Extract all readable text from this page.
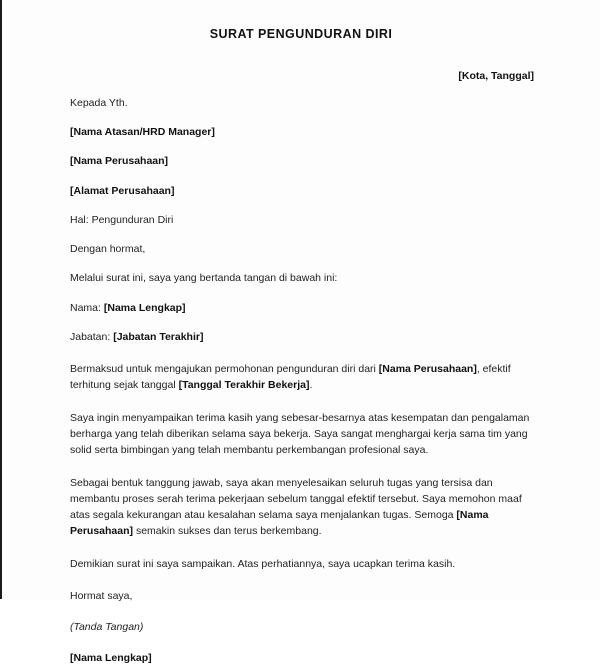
SURAT PENGUNDURAN DIRI
[Kota, Tanggal]
Kepada Yth.
[Nama Atasan/HRD Manager]
[Nama Perusahaan]
[Alamat Perusahaan]
Hal: Pengunduran Diri
Dengan hormat,
Melalui surat ini, saya yang bertanda tangan di bawah ini:
Nama: [Nama Lengkap]
Jabatan: [Jabatan Terakhir]

Bermaksud untuk mengajukan permohonan pengunduran diri dari [Nama Perusahaan], efektif terhitung sejak tanggal [Tanggal Terakhir Bekerja].

Saya ingin menyampaikan terima kasih yang sebesar-besarnya atas kesempatan dan pengalaman berharga yang telah diberikan selama saya bekerja. Saya sangat menghargai kerja sama tim yang solid serta bimbingan yang telah membantu perkembangan profesional saya.

Sebagai bentuk tanggung jawab, saya akan menyelesaikan seluruh tugas yang tersisa dan membantu proses serah terima pekerjaan sebelum tanggal efektif tersebut. Saya memohon maaf atas segala kekurangan atau kesalahan selama saya menjalankan tugas. Semoga [Nama Perusahaan] semakin sukses dan terus berkembang.

Demikian surat ini saya sampaikan. Atas perhatiannya, saya ucapkan terima kasih.

Hormat saya,
(Tanda Tangan)
[Nama Lengkap]
